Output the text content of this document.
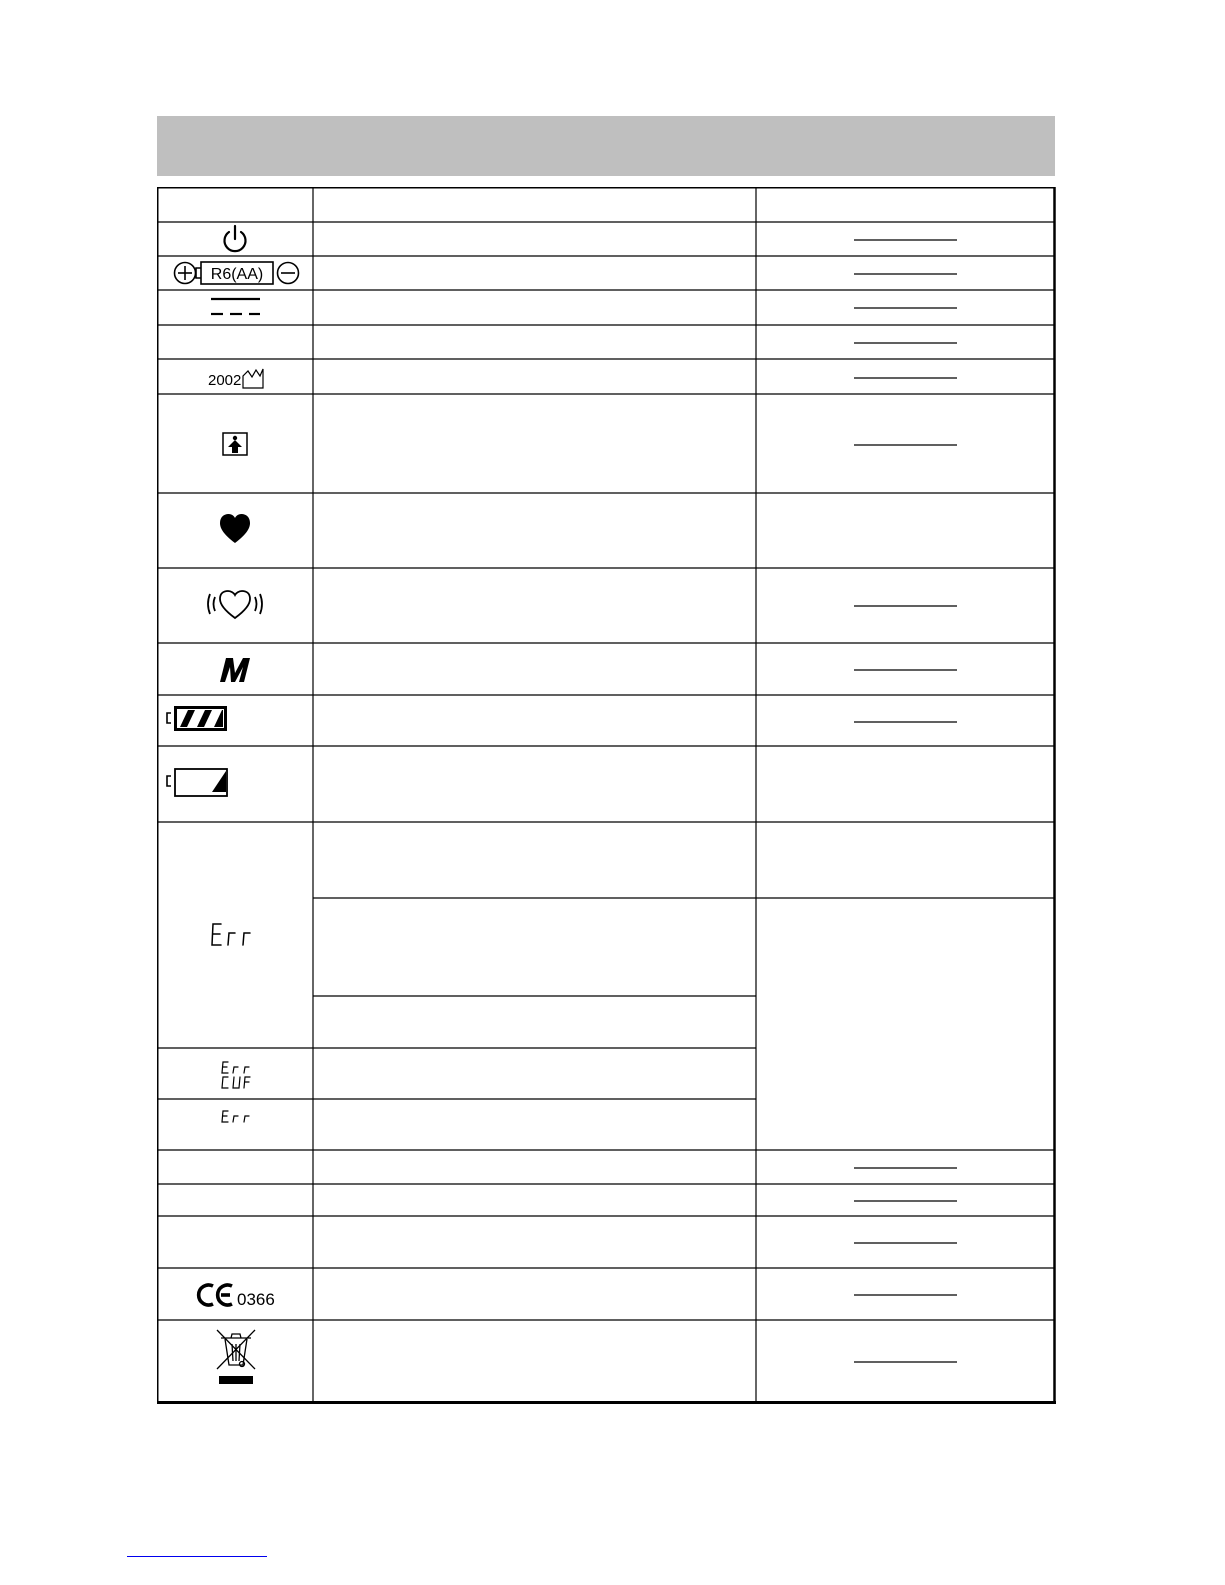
R6(AA)
2002
Err
CUF
0366
